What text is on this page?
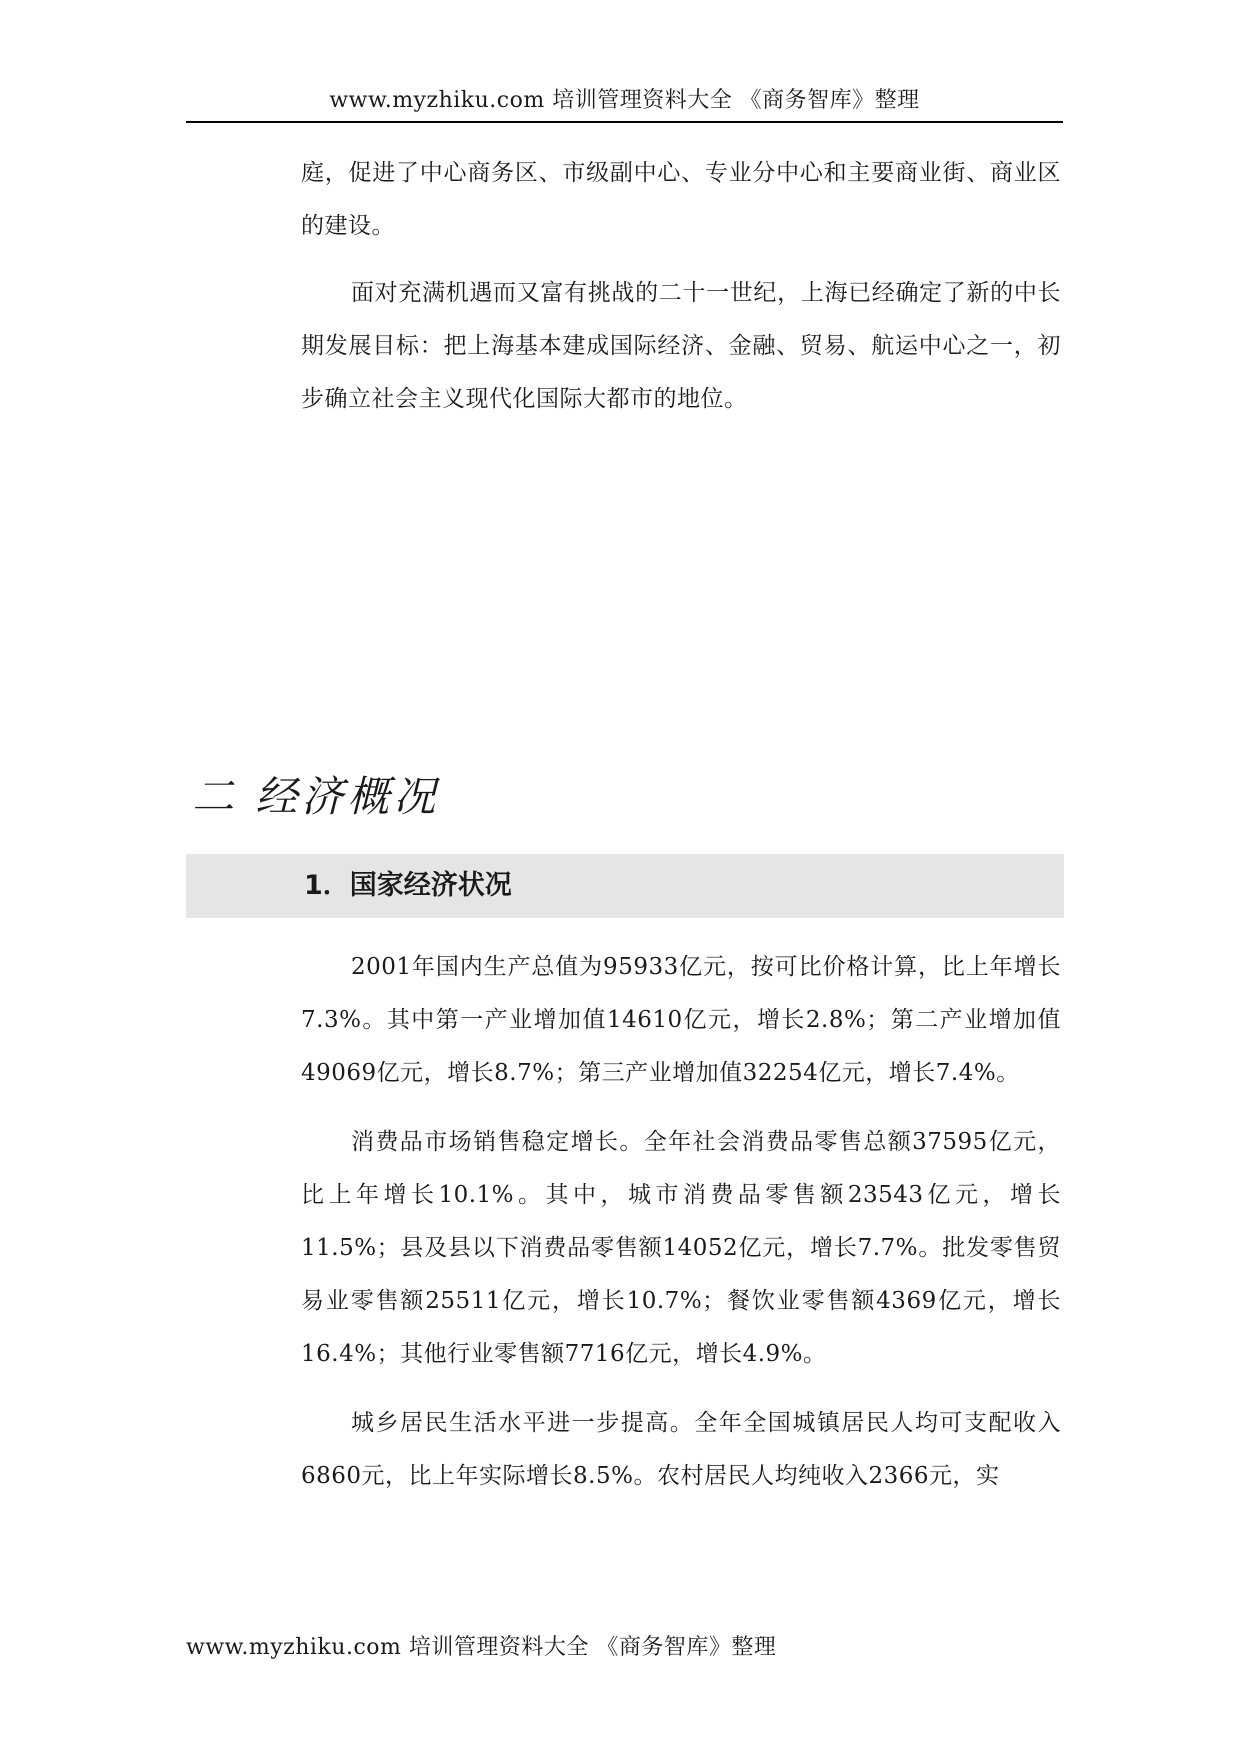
www.myzhiku.com 培训管理资料大全 《商务智库》整理

庭，促进了中心商务区、市级副中心、专业分中心和主要商业街、商业区的建设。

面对充满机遇而又富有挑战的二十一世纪，上海已经确定了新的中长期发展目标：把上海基本建成国际经济、金融、贸易、航运中心之一，初步确立社会主义现代化国际大都市的地位。

二 经济概况
1．国家经济状况

2001年国内生产总值为95933亿元，按可比价格计算，比上年增长7.3%。其中第一产业增加值14610亿元，增长2.8%；第二产业增加值49069亿元，增长8.7%；第三产业增加值32254亿元，增长7.4%。

消费品市场销售稳定增长。全年社会消费品零售总额37595亿元，比上年增长10.1%。其中，城市消费品零售额23543亿元，增长11.5%；县及县以下消费品零售额14052亿元，增长7.7%。批发零售贸易业零售额25511亿元，增长10.7%；餐饮业零售额4369亿元，增长16.4%；其他行业零售额7716亿元，增长4.9%。

城乡居民生活水平进一步提高。全年全国城镇居民人均可支配收入6860元，比上年实际增长8.5%。农村居民人均纯收入2366元，实

www.myzhiku.com 培训管理资料大全 《商务智库》整理
